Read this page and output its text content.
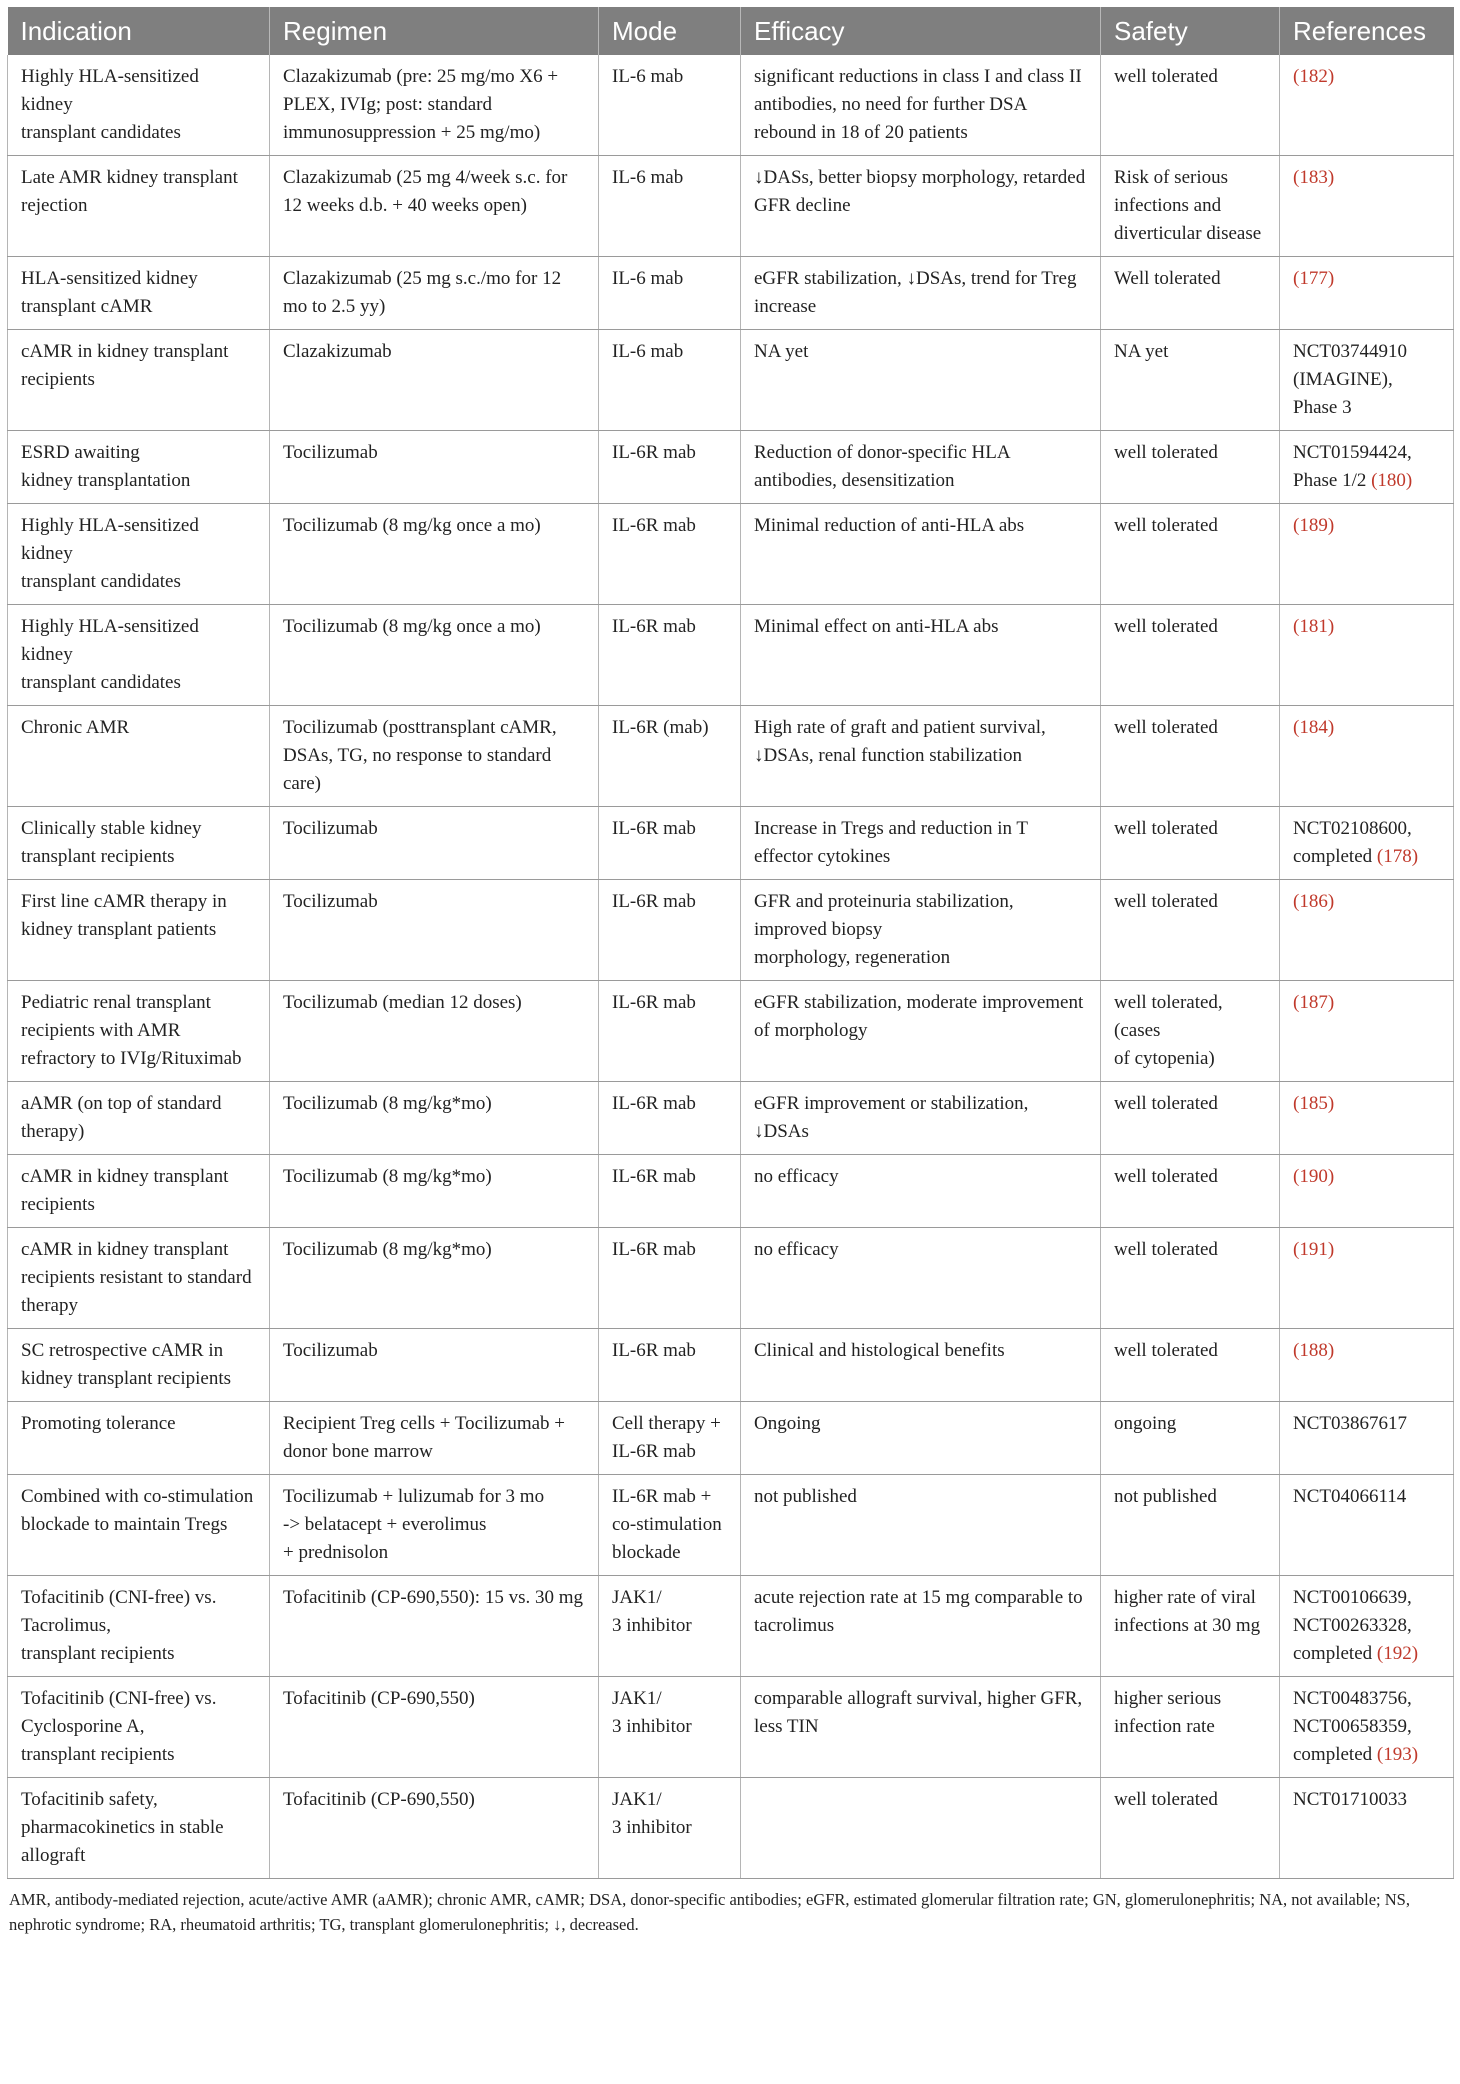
Indication	Regimen	Mode	Efficacy	Safety	References
Highly HLA-sensitized
kidney
transplant candidates	Clazakizumab (pre: 25 mg/mo X6 + PLEX, IVIg; post: standard immunosuppression + 25 mg/mo)	IL-6 mab	significant reductions in class I and class II antibodies, no need for further DSA rebound in 18 of 20 patients	well tolerated	(182)
Late AMR kidney transplant rejection	Clazakizumab (25 mg 4/week s.c. for 12 weeks d.b. + 40 weeks open)	IL-6 mab	↓DASs, better biopsy morphology, retarded GFR decline	Risk of serious infections and diverticular disease	(183)
HLA-sensitized kidney transplant cAMR	Clazakizumab (25 mg s.c./mo for 12 mo to 2.5 yy)	IL-6 mab	eGFR stabilization, ↓DSAs, trend for Treg increase	Well tolerated	(177)
cAMR in kidney transplant recipients	Clazakizumab	IL-6 mab	NA yet	NA yet	NCT03744910 (IMAGINE), Phase 3
ESRD awaiting
kidney transplantation	Tocilizumab	IL-6R mab	Reduction of donor-specific HLA antibodies, desensitization	well tolerated	NCT01594424, Phase 1/2 (180)
Highly HLA-sensitized
kidney
transplant candidates	Tocilizumab (8 mg/kg once a mo)	IL-6R mab	Minimal reduction of anti-HLA abs	well tolerated	(189)
Highly HLA-sensitized
kidney
transplant candidates	Tocilizumab (8 mg/kg once a mo)	IL-6R mab	Minimal effect on anti-HLA abs	well tolerated	(181)
Chronic AMR	Tocilizumab (posttransplant cAMR, DSAs, TG, no response to standard care)	IL-6R (mab)	High rate of graft and patient survival, ↓DSAs, renal function stabilization	well tolerated	(184)
Clinically stable kidney transplant recipients	Tocilizumab	IL-6R mab	Increase in Tregs and reduction in T effector cytokines	well tolerated	NCT02108600, completed (178)
First line cAMR therapy in kidney transplant patients	Tocilizumab	IL-6R mab	GFR and proteinuria stabilization, improved biopsy
morphology, regeneration	well tolerated	(186)
Pediatric renal transplant recipients with AMR refractory to IVIg/Rituximab	Tocilizumab (median 12 doses)	IL-6R mab	eGFR stabilization, moderate improvement of morphology	well tolerated,
(cases
of cytopenia)	(187)
aAMR (on top of standard therapy)	Tocilizumab (8 mg/kg*mo)	IL-6R mab	eGFR improvement or stabilization, ↓DSAs	well tolerated	(185)
cAMR in kidney transplant recipients	Tocilizumab (8 mg/kg*mo)	IL-6R mab	no efficacy	well tolerated	(190)
cAMR in kidney transplant recipients resistant to standard therapy	Tocilizumab (8 mg/kg*mo)	IL-6R mab	no efficacy	well tolerated	(191)
SC retrospective cAMR in kidney transplant recipients	Tocilizumab	IL-6R mab	Clinical and histological benefits	well tolerated	(188)
Promoting tolerance	Recipient Treg cells + Tocilizumab + donor bone marrow	Cell therapy + IL-6R mab	Ongoing	ongoing	NCT03867617
Combined with co-stimulation blockade to maintain Tregs	Tocilizumab + lulizumab for 3 mo
-> belatacept + everolimus
+ prednisolon	IL-6R mab + co-stimulation blockade	not published	not published	NCT04066114
Tofacitinib (CNI-free) vs. Tacrolimus,
transplant recipients	Tofacitinib (CP-690,550): 15 vs. 30 mg	JAK1/
3 inhibitor	acute rejection rate at 15 mg comparable to tacrolimus	higher rate of viral infections at 30 mg	NCT00106639, NCT00263328, completed (192)
Tofacitinib (CNI-free) vs. Cyclosporine A,
transplant recipients	Tofacitinib (CP-690,550)	JAK1/
3 inhibitor	comparable allograft survival, higher GFR, less TIN	higher serious infection rate	NCT00483756, NCT00658359, completed (193)
Tofacitinib safety, pharmacokinetics in stable allograft	Tofacitinib (CP-690,550)	JAK1/
3 inhibitor		well tolerated	NCT01710033
AMR, antibody-mediated rejection, acute/active AMR (aAMR); chronic AMR, cAMR; DSA, donor-specific antibodies; eGFR, estimated glomerular filtration rate; GN, glomerulonephritis; NA, not available; NS, nephrotic syndrome; RA, rheumatoid arthritis; TG, transplant glomerulonephritis; ↓, decreased.
